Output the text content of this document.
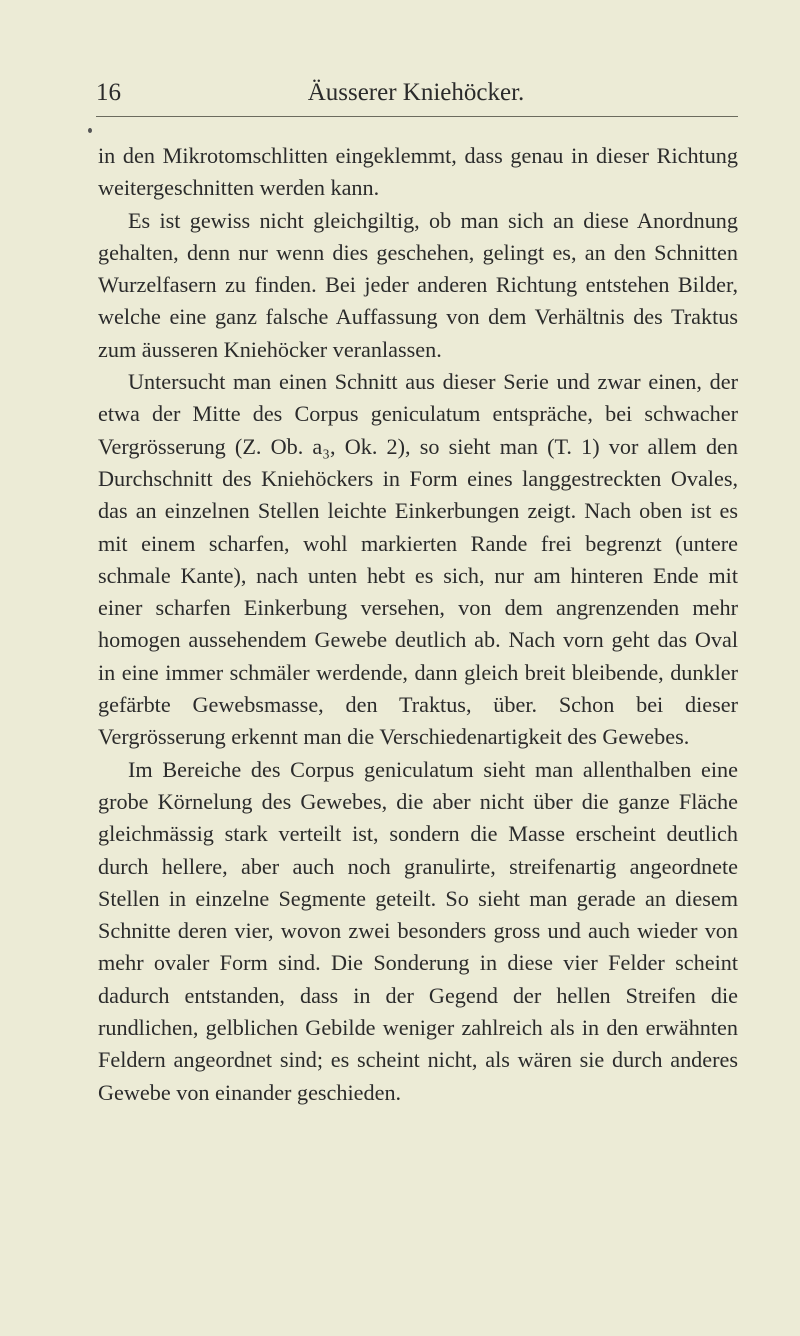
16	Äusserer Kniehöcker.

in den Mikrotomschlitten eingeklemmt, dass genau in dieser Richtung weitergeschnitten werden kann.

Es ist gewiss nicht gleichgiltig, ob man sich an diese Anordnung gehalten, denn nur wenn dies geschehen, gelingt es, an den Schnitten Wurzelfasern zu finden. Bei jeder anderen Richtung entstehen Bilder, welche eine ganz falsche Auffassung von dem Verhältnis des Traktus zum äusseren Kniehöcker veranlassen.

Untersucht man einen Schnitt aus dieser Serie und zwar einen, der etwa der Mitte des Corpus geniculatum entspräche, bei schwacher Vergrösserung (Z. Ob. a₃, Ok. 2), so sieht man (T. 1) vor allem den Durchschnitt des Kniehöckers in Form eines langgestreckten Ovales, das an einzelnen Stellen leichte Einkerbungen zeigt. Nach oben ist es mit einem scharfen, wohl markierten Rande frei begrenzt (untere schmale Kante), nach unten hebt es sich, nur am hinteren Ende mit einer scharfen Einkerbung versehen, von dem angrenzenden mehr homogen aussehendem Gewebe deutlich ab. Nach vorn geht das Oval in eine immer schmäler werdende, dann gleich breit bleibende, dunkler gefärbte Gewebsmasse, den Traktus, über. Schon bei dieser Vergrösserung erkennt man die Verschiedenartigkeit des Gewebes.

Im Bereiche des Corpus geniculatum sieht man allenthalben eine grobe Körnelung des Gewebes, die aber nicht über die ganze Fläche gleichmässig stark verteilt ist, sondern die Masse erscheint deutlich durch hellere, aber auch noch granulirte, streifenartig angeordnete Stellen in einzelne Segmente geteilt. So sieht man gerade an diesem Schnitte deren vier, wovon zwei besonders gross und auch wieder von mehr ovaler Form sind. Die Sonderung in diese vier Felder scheint dadurch entstanden, dass in der Gegend der hellen Streifen die rundlichen, gelblichen Gebilde weniger zahlreich als in den erwähnten Feldern angeordnet sind; es scheint nicht, als wären sie durch anderes Gewebe von einander geschieden.
